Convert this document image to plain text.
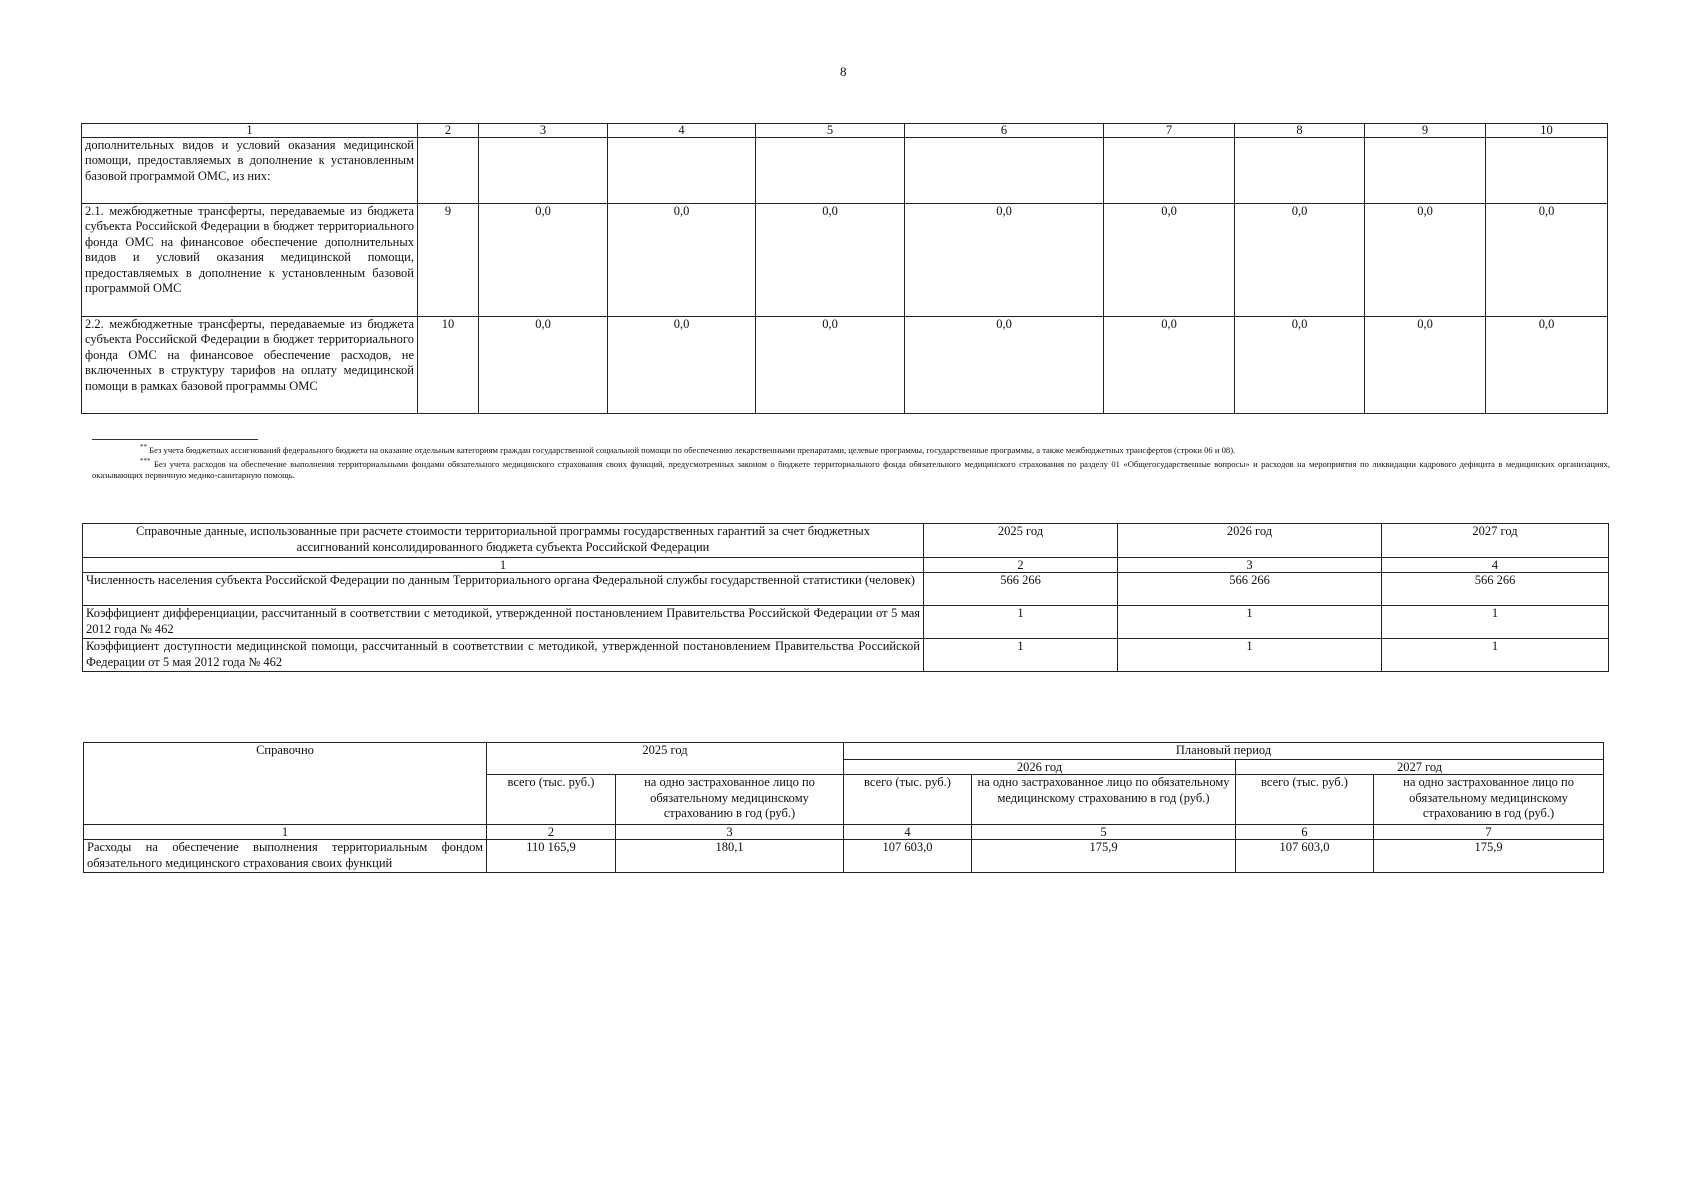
8
1	2	3	4	5	6	7	8	9	10
дополнительных видов и условий оказания медицинской помощи, предоставляемых в дополнение к установленным базовой программой ОМС, из них:									
2.1. межбюджетные трансферты, передаваемые из бюджета субъекта Российской Федерации в бюджет территориального фонда ОМС на финансовое обеспечение дополнительных видов и условий оказания медицинской помощи, предоставляемых в дополнение к установленным базовой программой ОМС	9	0,0	0,0	0,0	0,0	0,0	0,0	0,0	0,0
2.2. межбюджетные трансферты, передаваемые из бюджета субъекта Российской Федерации в бюджет территориального фонда ОМС на финансовое обеспечение расходов, не включенных в структуру тарифов на оплату медицинской помощи в рамках базовой программы ОМС	10	0,0	0,0	0,0	0,0	0,0	0,0	0,0	0,0

** Без учета бюджетных ассигнований федерального бюджета на оказание отдельным категориям граждан государственной социальной помощи по обеспечению лекарственными препаратами, целевые программы, государственные программы, а также межбюджетных трансфертов (строки 06 и 08).

*** Без учета расходов на обеспечение выполнения территориальными фондами обязательного медицинского страхования своих функций, предусмотренных законом о бюджете территориального фонда обязательного медицинского страхования по разделу 01 «Общегосударственные вопросы» и расходов на мероприятия по ликвидации кадрового дефицита в медицинских организациях, оказывающих первичную медико-санитарную помощь.

Справочные данные, использованные при расчете стоимости территориальной программы государственных гарантий за счет бюджетных ассигнований консолидированного бюджета субъекта Российской Федерации	2025 год	2026 год	2027 год
1	2	3	4
Численность населения субъекта Российской Федерации по данным Территориального органа Федеральной службы государственной статистики (человек)	566 266	566 266	566 266
Коэффициент дифференциации, рассчитанный в соответствии с методикой, утвержденной постановлением Правительства Российской Федерации от 5 мая 2012 года № 462	1	1	1
Коэффициент доступности медицинской помощи, рассчитанный в соответствии с методикой, утвержденной постановлением Правительства Российской Федерации от 5 мая 2012 года № 462	1	1	1
Справочно	2025 год		Плановый период			
			2026 год		2027 год	
	всего (тыс. руб.)	на одно застрахованное лицо по обязательному медицинскому страхованию в год (руб.)	всего (тыс. руб.)	на одно застрахованное лицо по обязательному медицинскому страхованию в год (руб.)	всего (тыс. руб.)	на одно застрахованное лицо по обязательному медицинскому страхованию в год (руб.)
1	2	3	4	5	6	7
Расходы на обеспечение выполнения территориальным фондом обязательного медицинского страхования своих функций	110 165,9	180,1	107 603,0	175,9	107 603,0	175,9
